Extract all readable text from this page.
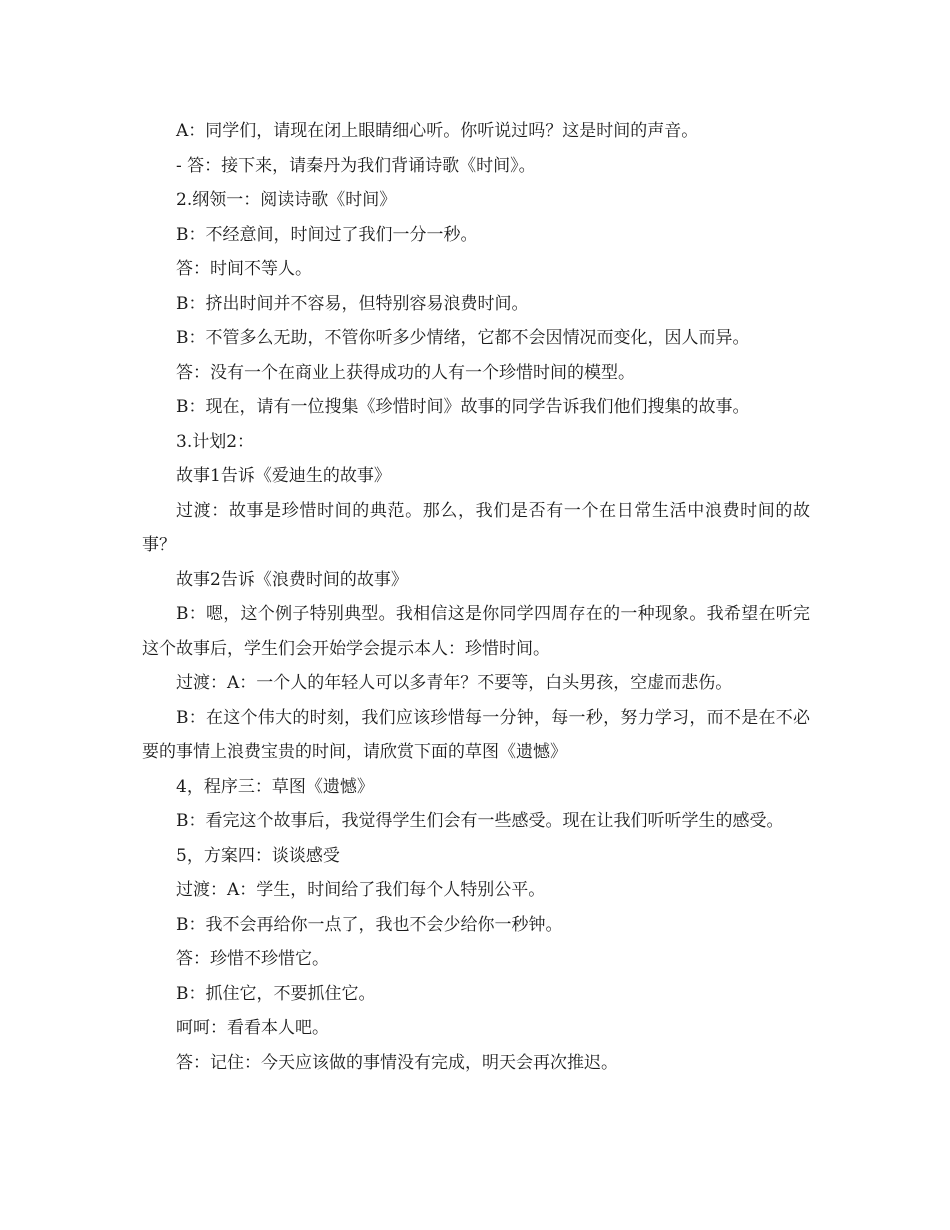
A：同学们，请现在闭上眼睛细心听。你听说过吗？这是时间的声音。

- 答：接下来，请秦丹为我们背诵诗歌《时间》。

2.纲领一：阅读诗歌《时间》

B：不经意间，时间过了我们一分一秒。

答：时间不等人。

B：挤出时间并不容易，但特别容易浪费时间。

B：不管多么无助，不管你听多少情绪，它都不会因情况而变化，因人而异。

答：没有一个在商业上获得成功的人有一个珍惜时间的模型。

B：现在，请有一位搜集《珍惜时间》故事的同学告诉我们他们搜集的故事。

3.计划2：

故事1告诉《爱迪生的故事》

过渡：故事是珍惜时间的典范。那么，我们是否有一个在日常生活中浪费时间的故事？

故事2告诉《浪费时间的故事》

B：嗯，这个例子特别典型。我相信这是你同学四周存在的一种现象。我希望在听完这个故事后，学生们会开始学会提示本人：珍惜时间。

过渡：A：一个人的年轻人可以多青年？不要等，白头男孩，空虚而悲伤。

B：在这个伟大的时刻，我们应该珍惜每一分钟，每一秒，努力学习，而不是在不必要的事情上浪费宝贵的时间，请欣赏下面的草图《遗憾》

4，程序三：草图《遗憾》

B：看完这个故事后，我觉得学生们会有一些感受。现在让我们听听学生的感受。

5，方案四：谈谈感受

过渡：A：学生，时间给了我们每个人特别公平。

B：我不会再给你一点了，我也不会少给你一秒钟。

答：珍惜不珍惜它。

B：抓住它，不要抓住它。

呵呵：看看本人吧。

答：记住：今天应该做的事情没有完成，明天会再次推迟。
